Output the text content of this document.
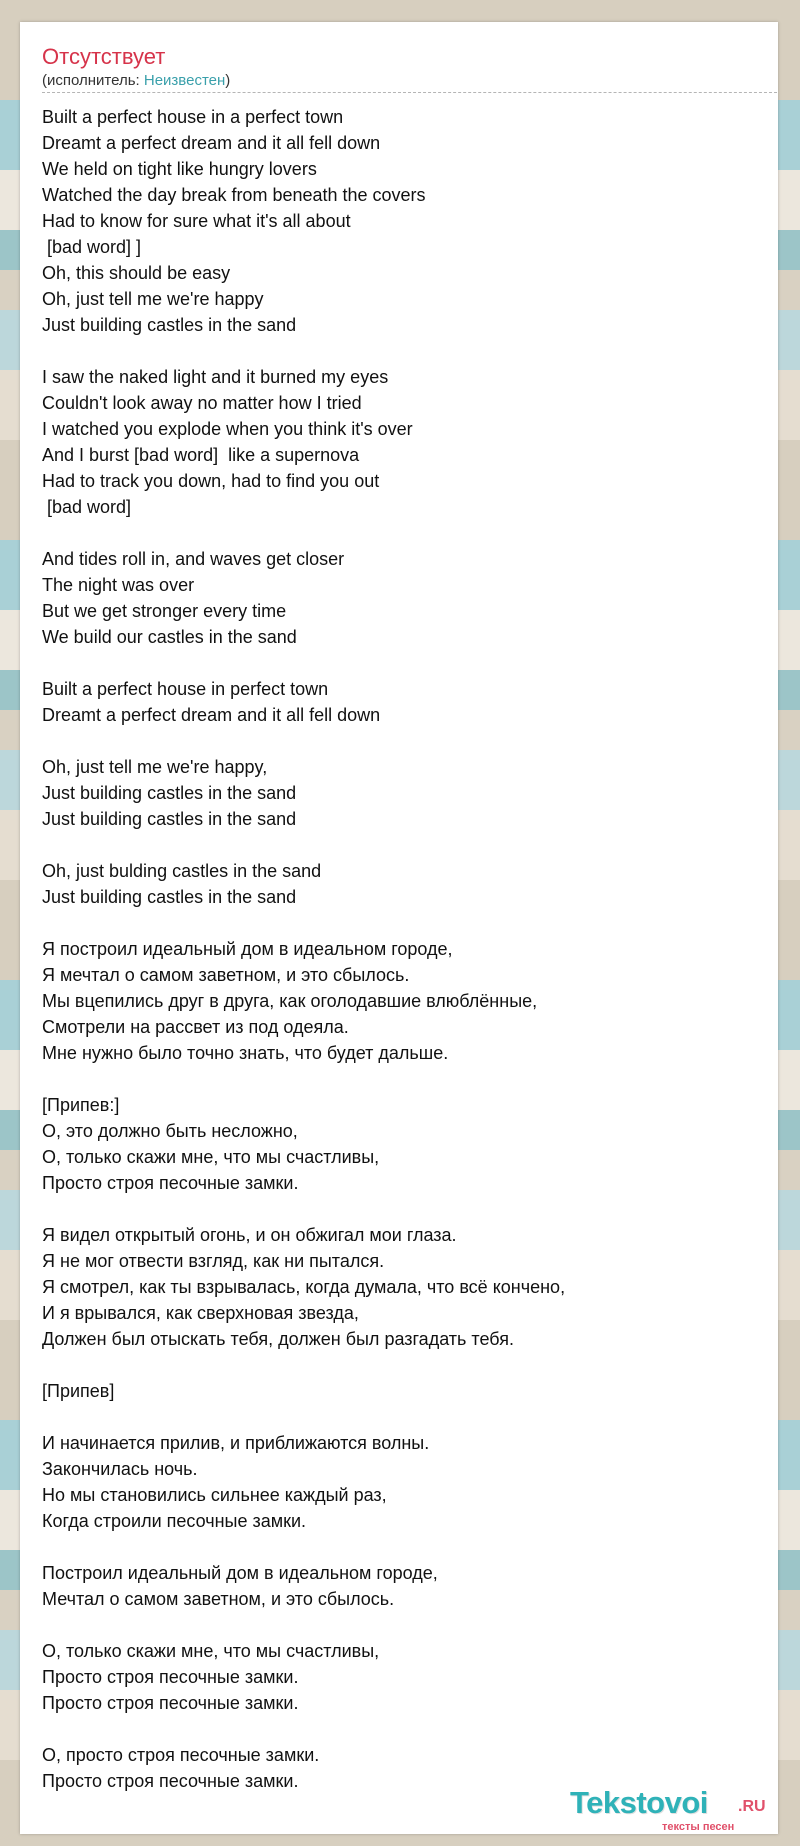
Отсутствует
(исполнитель: Неизвестен)
Built a perfect house in a perfect town
Dreamt a perfect dream and it all fell down
We held on tight like hungry lovers
Watched the day break from beneath the covers
Had to know for sure what it's all about
[bad word] ]
Oh, this should be easy
Oh, just tell me we're happy
Just building castles in the sand
I saw the naked light and it burned my eyes
Couldn't look away no matter how I tried
I watched you explode when you think it's over
And I burst [bad word]  like a supernova
Had to track you down, had to find you out
[bad word]
And tides roll in, and waves get closer
The night was over
But we get stronger every time
We build our castles in the sand
Built a perfect house in perfect town
Dreamt a perfect dream and it all fell down
Oh, just tell me we're happy,
Just building castles in the sand
Just building castles in the sand
Oh, just bulding castles in the sand
Just building castles in the sand
Я построил идеальный дом в идеальном городе,
Я мечтал о самом заветном, и это сбылось.
Мы вцепились друг в друга, как оголодавшие влюблённые,
Смотрели на рассвет из под одеяла.
Мне нужно было точно знать, что будет дальше.
[Припев:]
О, это должно быть несложно,
О, только скажи мне, что мы счастливы,
Просто строя песочные замки.
Я видел открытый огонь, и он обжигал мои глаза.
Я не мог отвести взгляд, как ни пытался.
Я смотрел, как ты взрывалась, когда думала, что всё кончено,
И я врывался, как сверхновая звезда,
Должен был отыскать тебя, должен был разгадать тебя.
[Припев]
И начинается прилив, и приближаются волны.
Закончилась ночь.
Но мы становились сильнее каждый раз,
Когда строили песочные замки.
Построил идеальный дом в идеальном городе,
Мечтал о самом заветном, и это сбылось.
О, только скажи мне, что мы счастливы,
Просто строя песочные замки.
Просто строя песочные замки.
О, просто строя песочные замки.
Просто строя песочные замки.
Tekstovoi .RU
тексты песен
